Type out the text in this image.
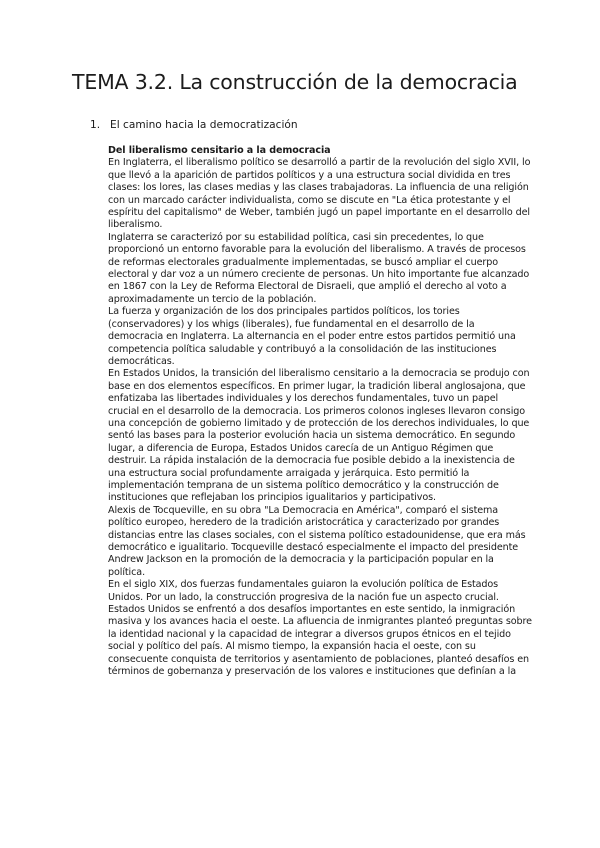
TEMA 3.2. La construcción de la democracia
1. El camino hacia la democratización

Del liberalismo censitario a la democracia

En Inglaterra, el liberalismo político se desarrolló a partir de la revolución del siglo XVII, lo que llevó a la aparición de partidos políticos y a una estructura social dividida en tres clases: los lores, las clases medias y las clases trabajadoras. La influencia de una religión con un marcado carácter individualista, como se discute en "La ética protestante y el espíritu del capitalismo" de Weber, también jugó un papel importante en el desarrollo del liberalismo.

Inglaterra se caracterizó por su estabilidad política, casi sin precedentes, lo que proporcionó un entorno favorable para la evolución del liberalismo. A través de procesos de reformas electorales gradualmente implementadas, se buscó ampliar el cuerpo electoral y dar voz a un número creciente de personas. Un hito importante fue alcanzado en 1867 con la Ley de Reforma Electoral de Disraeli, que amplió el derecho al voto a aproximadamente un tercio de la población.

La fuerza y organización de los dos principales partidos políticos, los tories (conservadores) y los whigs (liberales), fue fundamental en el desarrollo de la democracia en Inglaterra. La alternancia en el poder entre estos partidos permitió una competencia política saludable y contribuyó a la consolidación de las instituciones democráticas.

En Estados Unidos, la transición del liberalismo censitario a la democracia se produjo con base en dos elementos específicos. En primer lugar, la tradición liberal anglosajona, que enfatizaba las libertades individuales y los derechos fundamentales, tuvo un papel crucial en el desarrollo de la democracia. Los primeros colonos ingleses llevaron consigo una concepción de gobierno limitado y de protección de los derechos individuales, lo que sentó las bases para la posterior evolución hacia un sistema democrático. En segundo lugar, a diferencia de Europa, Estados Unidos carecía de un Antiguo Régimen que destruir. La rápida instalación de la democracia fue posible debido a la inexistencia de una estructura social profundamente arraigada y jerárquica. Esto permitió la implementación temprana de un sistema político democrático y la construcción de instituciones que reflejaban los principios igualitarios y participativos.

Alexis de Tocqueville, en su obra "La Democracia en América", comparó el sistema político europeo, heredero de la tradición aristocrática y caracterizado por grandes distancias entre las clases sociales, con el sistema político estadounidense, que era más democrático e igualitario. Tocqueville destacó especialmente el impacto del presidente Andrew Jackson en la promoción de la democracia y la participación popular en la política.

En el siglo XIX, dos fuerzas fundamentales guiaron la evolución política de Estados Unidos. Por un lado, la construcción progresiva de la nación fue un aspecto crucial. Estados Unidos se enfrentó a dos desafíos importantes en este sentido, la inmigración masiva y los avances hacia el oeste. La afluencia de inmigrantes planteó preguntas sobre la identidad nacional y la capacidad de integrar a diversos grupos étnicos en el tejido social y político del país. Al mismo tiempo, la expansión hacia el oeste, con su consecuente conquista de territorios y asentamiento de poblaciones, planteó desafíos en términos de gobernanza y preservación de los valores e instituciones que definían a la
